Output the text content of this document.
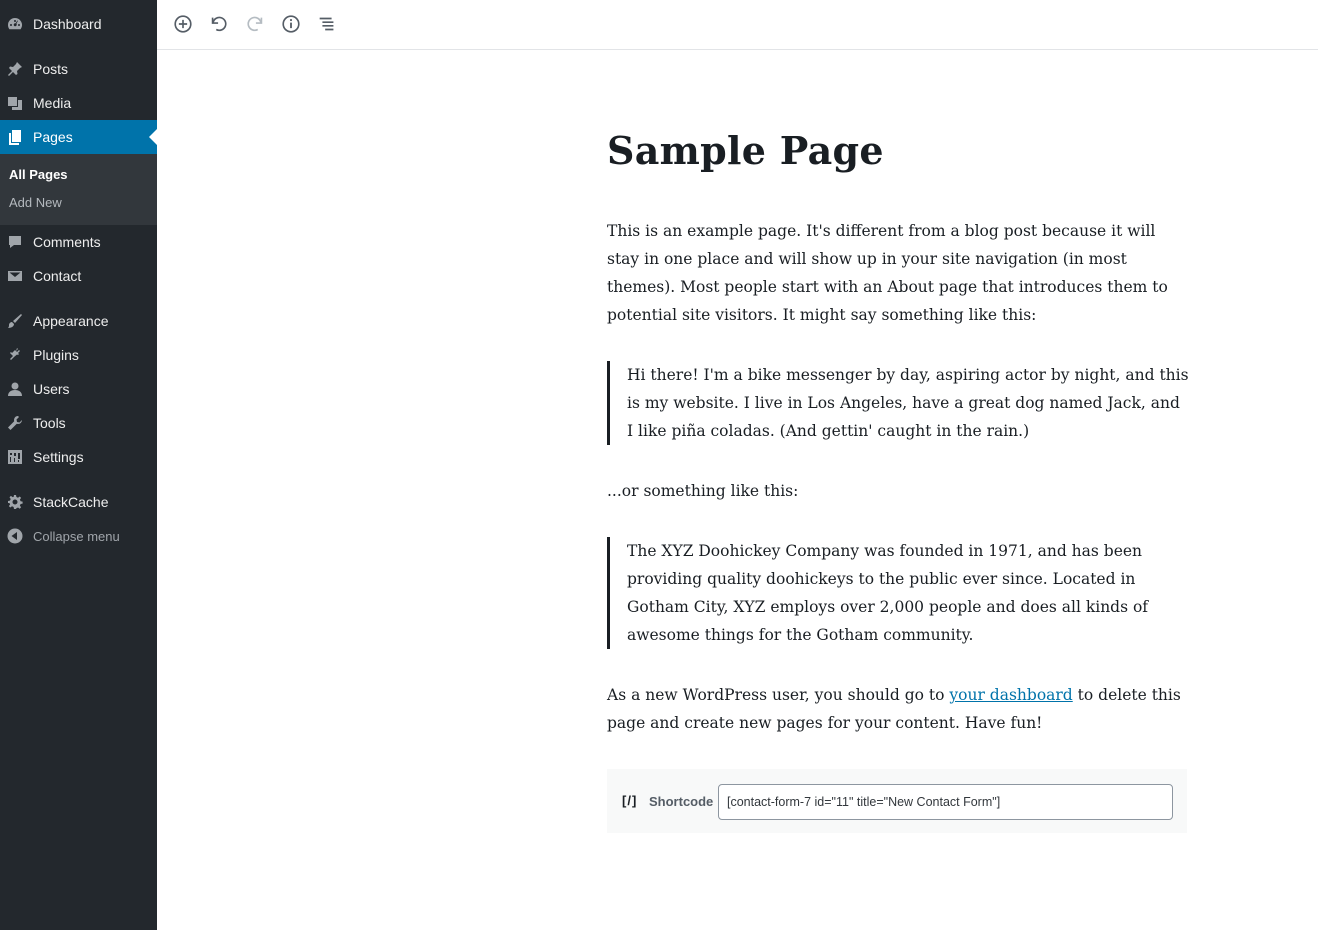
Dashboard
Posts
Media
Pages
All Pages
Add New
Comments
Contact
Appearance
Plugins
Users
Tools
Settings
StackCache
Collapse menu
Sample Page
This is an example page. It's different from a blog post because it will stay in one place and will show up in your site navigation (in most themes). Most people start with an About page that introduces them to potential site visitors. It might say something like this:
Hi there! I'm a bike messenger by day, aspiring actor by night, and this is my website. I live in Los Angeles, have a great dog named Jack, and I like piña coladas. (And gettin' caught in the rain.)
...or something like this:
The XYZ Doohickey Company was founded in 1971, and has been providing quality doohickeys to the public ever since. Located in Gotham City, XYZ employs over 2,000 people and does all kinds of awesome things for the Gotham community.
As a new WordPress user, you should go to your dashboard to delete this page and create new pages for your content. Have fun!
[/] Shortcode
[contact-form-7 id="11" title="New Contact Form"]
